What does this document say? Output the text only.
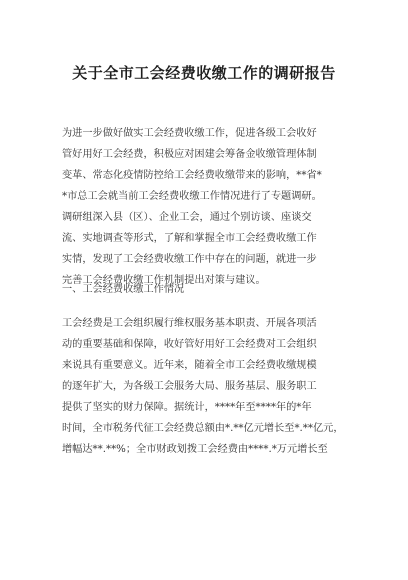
关于全市工会经费收缴工作的调研报告
为进一步做好做实工会经费收缴工作，促进各级工会收好
管好用好工会经费，积极应对困建会筹备金收缴管理体制
变革、常态化疫情防控给工会经费收缴带来的影响，**省*
*市总工会就当前工会经费收缴工作情况进行了专题调研。
调研组深入县（区）、企业工会，通过个别访谈、座谈交
流、实地调查等形式，了解和掌握全市工会经费收缴工作
实情，发现了工会经费收缴工作中存在的问题，就进一步
完善工会经费收缴工作机制提出对策与建议。
一、工会经费收缴工作情况
工会经费是工会组织履行维权服务基本职责、开展各项活
动的重要基础和保障，收好管好用好工会经费对工会组织
来说具有重要意义。近年来，随着全市工会经费收缴规模
的逐年扩大，为各级工会服务大局、服务基层、服务职工
提供了坚实的财力保障。据统计，****年至****年的*年
时间，全市税务代征工会经费总额由*.**亿元增长至*.**亿元，
增幅达**.**%；全市财政划拨工会经费由****.*万元增长至
